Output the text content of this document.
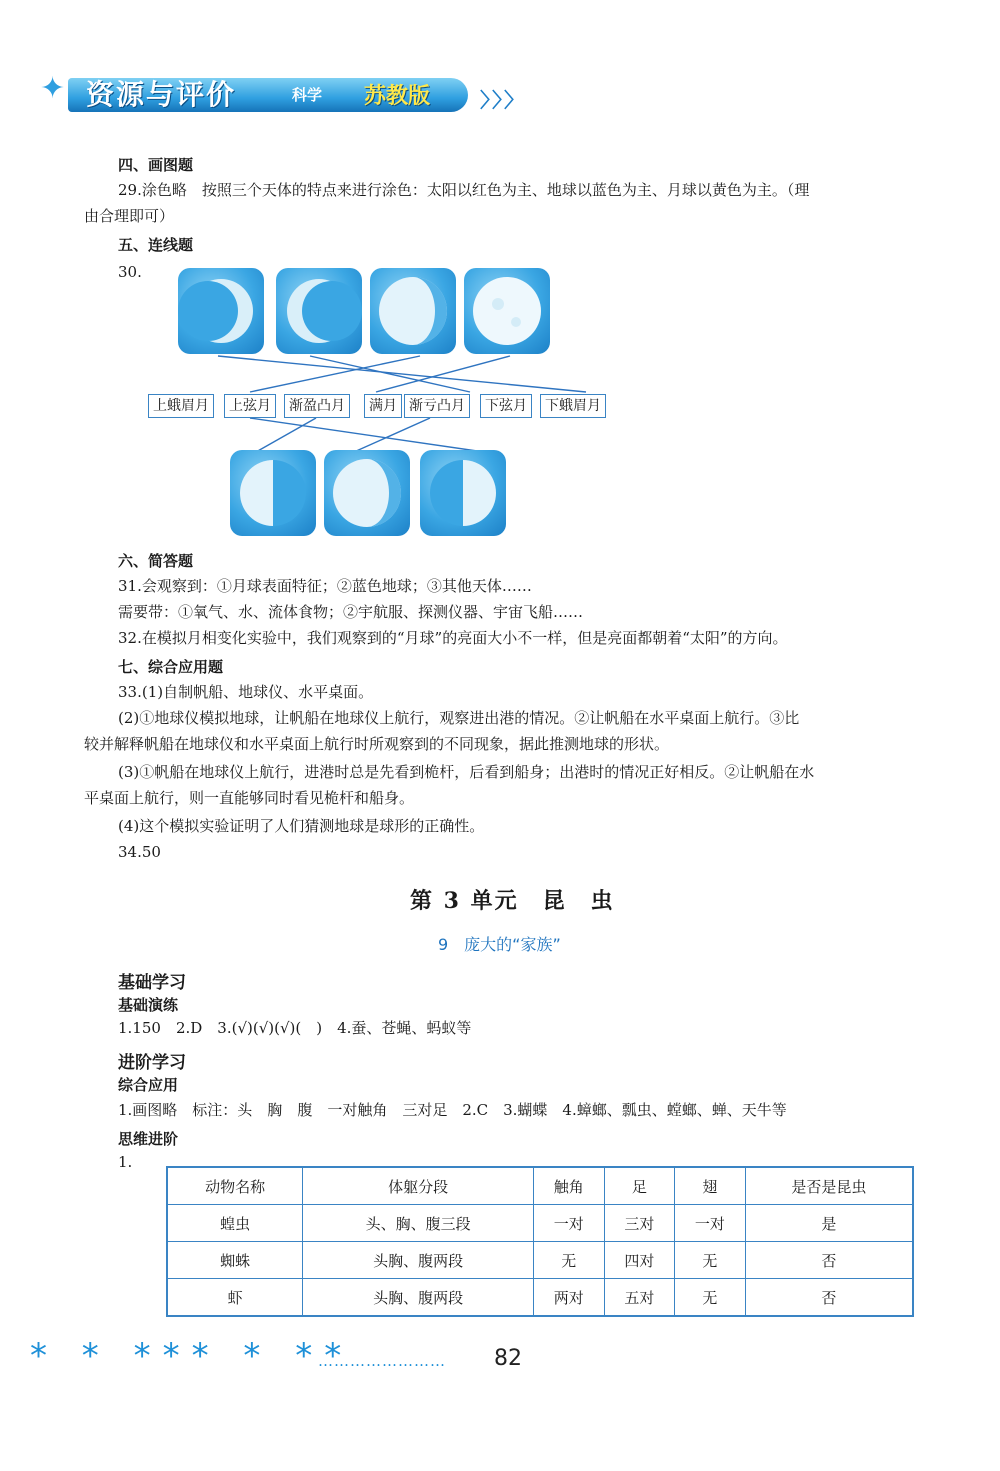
✦ 资源与评价	科学 苏教版 〉〉〉
四、画图题
29.涂色略　按照三个天体的特点来进行涂色：太阳以红色为主、地球以蓝色为主、月球以黄色为主。（理
由合理即可）
五、连线题
30.
上蛾眉月	上弦月	渐盈凸月	满月 渐亏凸月	下弦月	下蛾眉月
六、简答题
31.会观察到：①月球表面特征；②蓝色地球；③其他天体……
需要带：①氧气、水、流体食物；②宇航服、探测仪器、宇宙飞船……
32.在模拟月相变化实验中，我们观察到的“月球”的亮面大小不一样，但是亮面都朝着“太阳”的方向。
七、综合应用题
33.(1)自制帆船、地球仪、水平桌面。
(2)①地球仪模拟地球，让帆船在地球仪上航行，观察进出港的情况。②让帆船在水平桌面上航行。③比
较并解释帆船在地球仪和水平桌面上航行时所观察到的不同现象，据此推测地球的形状。
(3)①帆船在地球仪上航行，进港时总是先看到桅杆，后看到船身；出港时的情况正好相反。②让帆船在水
平桌面上航行，则一直能够同时看见桅杆和船身。
(4)这个模拟实验证明了人们猜测地球是球形的正确性。
34.50
第 3 单元　昆　虫
9　庞大的“家族”
基础学习
基础演练
1.150　2.D　3.(√)(√)(√)(　)　4.蚕、苍蝇、蚂蚁等
进阶学习
综合应用
1.画图略　标注：头　胸　腹　一对触角　三对足　2.C　3.蝴蝶　4.蟑螂、瓢虫、螳螂、蝉、天牛等
思维进阶
1.
动物名称	体躯分段	触角	足	翅	是否是昆虫
蝗虫	头、胸、腹三段	一对	三对	一对	是
蜘蛛	头胸、腹两段	无	四对	无	否
虾	头胸、腹两段	两对	五对	无	否
* * *** * **
…………………… 82
